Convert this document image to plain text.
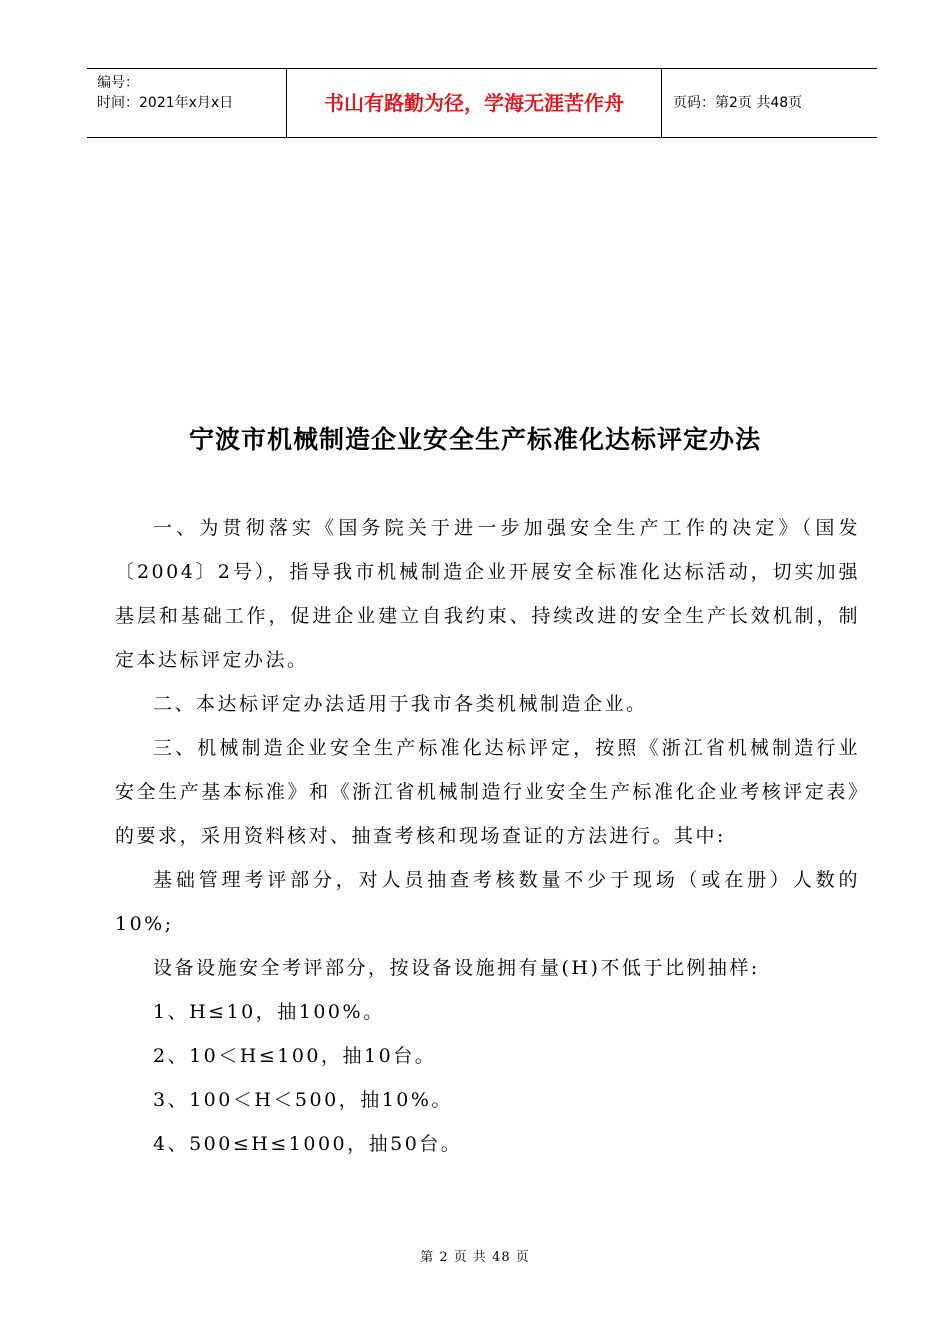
编号：
时间：2021年x月x日	书山有路勤为径，学海无涯苦作舟	页码：第2页 共48页
宁波市机械制造企业安全生产标准化达标评定办法

一、为贯彻落实《国务院关于进一步加强安全生产工作的决定》（国发〔2004〕2号），指导我市机械制造企业开展安全标准化达标活动，切实加强基层和基础工作，促进企业建立自我约束、持续改进的安全生产长效机制，制定本达标评定办法。

二、本达标评定办法适用于我市各类机械制造企业。

三、机械制造企业安全生产标准化达标评定，按照《浙江省机械制造行业安全生产基本标准》和《浙江省机械制造行业安全生产标准化企业考核评定表》的要求，采用资料核对、抽查考核和现场查证的方法进行。其中:

基础管理考评部分，对人员抽查考核数量不少于现场（或在册）人数的10%;

设备设施安全考评部分，按设备设施拥有量(H)不低于比例抽样:

1、H≤10，抽100%。

2、10＜H≤100，抽10台。

3、100＜H＜500，抽10%。

4、500≤H≤1000，抽50台。

第 2 页 共 48 页
